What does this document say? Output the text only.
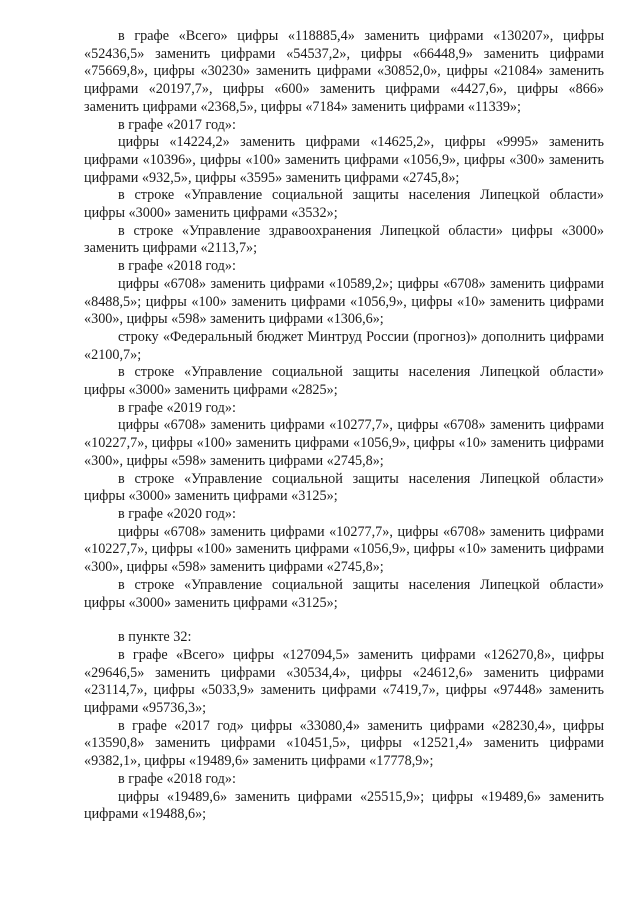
в графе «Всего» цифры «118885,4» заменить цифрами «130207», цифры «52436,5» заменить цифрами «54537,2», цифры «66448,9» заменить цифрами «75669,8», цифры «30230» заменить цифрами «30852,0», цифры «21084» заменить цифрами «20197,7», цифры «600» заменить цифрами «4427,6», цифры «866» заменить цифрами «2368,5», цифры «7184» заменить цифрами «11339»;

в графе «2017 год»:

цифры «14224,2» заменить цифрами «14625,2», цифры «9995» заменить цифрами «10396», цифры «100» заменить цифрами «1056,9», цифры «300» заменить цифрами «932,5», цифры «3595» заменить цифрами «2745,8»;

в строке «Управление социальной защиты населения Липецкой области» цифры «3000» заменить цифрами «3532»;

в строке «Управление здравоохранения Липецкой области» цифры «3000» заменить цифрами «2113,7»;

в графе «2018 год»:

цифры «6708» заменить цифрами «10589,2»; цифры «6708» заменить цифрами «8488,5»; цифры «100» заменить цифрами «1056,9», цифры «10» заменить цифрами «300», цифры «598» заменить цифрами «1306,6»;

строку «Федеральный бюджет Минтруд России (прогноз)» дополнить цифрами «2100,7»;

в строке «Управление социальной защиты населения Липецкой области» цифры «3000» заменить цифрами «2825»;

в графе «2019 год»:

цифры «6708» заменить цифрами «10277,7», цифры «6708» заменить цифрами «10227,7», цифры «100» заменить цифрами «1056,9», цифры «10» заменить цифрами «300», цифры «598» заменить цифрами «2745,8»;

в строке «Управление социальной защиты населения Липецкой области» цифры «3000» заменить цифрами «3125»;

в графе «2020 год»:

цифры «6708» заменить цифрами «10277,7», цифры «6708» заменить цифрами «10227,7», цифры «100» заменить цифрами «1056,9», цифры «10» заменить цифрами «300», цифры «598» заменить цифрами «2745,8»;

в строке «Управление социальной защиты населения Липецкой области» цифры «3000» заменить цифрами «3125»;

в пункте 32:

в графе «Всего» цифры «127094,5» заменить цифрами «126270,8», цифры «29646,5» заменить цифрами «30534,4», цифры «24612,6» заменить цифрами «23114,7», цифры «5033,9» заменить цифрами «7419,7», цифры «97448» заменить цифрами «95736,3»;

в графе «2017 год» цифры «33080,4» заменить цифрами «28230,4», цифры «13590,8» заменить цифрами «10451,5», цифры «12521,4» заменить цифрами «9382,1», цифры «19489,6» заменить цифрами «17778,9»;

в графе «2018 год»:

цифры «19489,6» заменить цифрами «25515,9»; цифры «19489,6» заменить цифрами «19488,6»;
